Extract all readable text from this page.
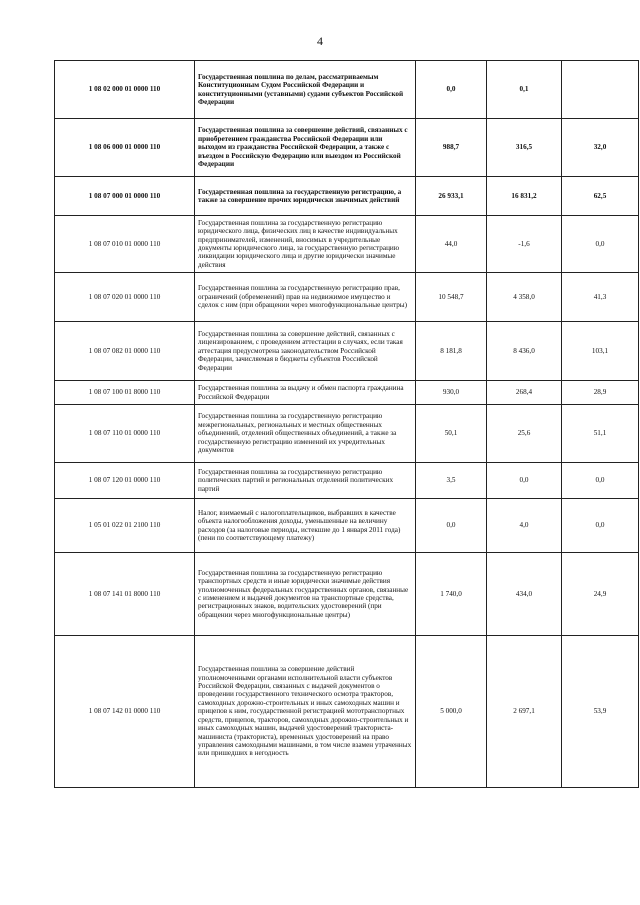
4
1 08 02 000 01 0000 110	Государственная пошлина по делам, рассматриваемым Конституционным Судом Российской Федерации и конституционными (уставными) судами субъектов Российской Федерации	0,0	0,1	
1 08 06 000 01 0000 110	Государственная пошлина за совершение действий, связанных с приобретением гражданства Российской Федерации или выходом из гражданства Российской Федерации, а также с въездом в Российскую Федерацию или выездом из Российской Федерации	988,7	316,5	32,0
1 08 07 000 01 0000 110	Государственная пошлина за государственную регистрацию, а также за совершение прочих юридически значимых действий	26 933,1	16 831,2	62,5
1 08 07 010 01 0000 110	Государственная пошлина за государственную регистрацию юридического лица, физических лиц в качестве индивидуальных предпринимателей, изменений, вносимых в учредительные документы юридического лица, за государственную регистрацию ликвидации юридического лица и другие юридически значимые действия	44,0	-1,6	0,0
1 08 07 020 01 0000 110	Государственная пошлина за государственную регистрацию прав, ограничений (обременений) прав на недвижимое имущество и сделок с ним (при обращении через многофункциональные центры)	10 548,7	4 358,0	41,3
1 08 07 082 01 0000 110	Государственная пошлина за совершение действий, связанных с лицензированием, с проведением аттестации в случаях, если такая аттестация предусмотрена законодательством Российской Федерации, зачисляемая в бюджеты субъектов Российской Федерации	8 181,8	8 436,0	103,1
1 08 07 100 01 8000 110	Государственная пошлина за выдачу и обмен паспорта гражданина Российской Федерации	930,0	268,4	28,9
1 08 07 110 01 0000 110	Государственная пошлина за государственную регистрацию межрегиональных, региональных и местных общественных объединений, отделений общественных объединений, а также за государственную регистрацию изменений их учредительных документов	50,1	25,6	51,1
1 08 07 120 01 0000 110	Государственная пошлина за государственную регистрацию политических партий и региональных отделений политических партий	3,5	0,0	0,0
1 05 01 022 01 2100 110	Налог, взимаемый с налогоплательщиков, выбравших в качестве объекта налогообложения доходы, уменьшенные на величину расходов (за налоговые периоды, истекшие до 1 января 2011 года) (пени по соответствующему платежу)	0,0	4,0	0,0
1 08 07 141 01 8000 110	Государственная пошлина за государственную регистрацию транспортных средств и иные юридически значимые действия уполномоченных федеральных государственных органов, связанные с изменением и выдачей документов на транспортные средства, регистрационных знаков, водительских удостоверений (при обращении через многофункциональные центры)	1 740,0	434,0	24,9
1 08 07 142 01 0000 110	Государственная пошлина за совершение действий уполномоченными органами исполнительной власти субъектов Российской Федерации, связанных с выдачей документов о проведении государственного технического осмотра тракторов, самоходных дорожно-строительных и иных самоходных машин и прицепов к ним, государственной регистрацией мототранспортных средств, прицепов, тракторов, самоходных дорожно-строительных и иных самоходных машин, выдачей удостоверений тракториста-машиниста (тракториста), временных удостоверений на право управления самоходными машинами, в том числе взамен утраченных или пришедших в негодность	5 000,0	2 697,1	53,9
